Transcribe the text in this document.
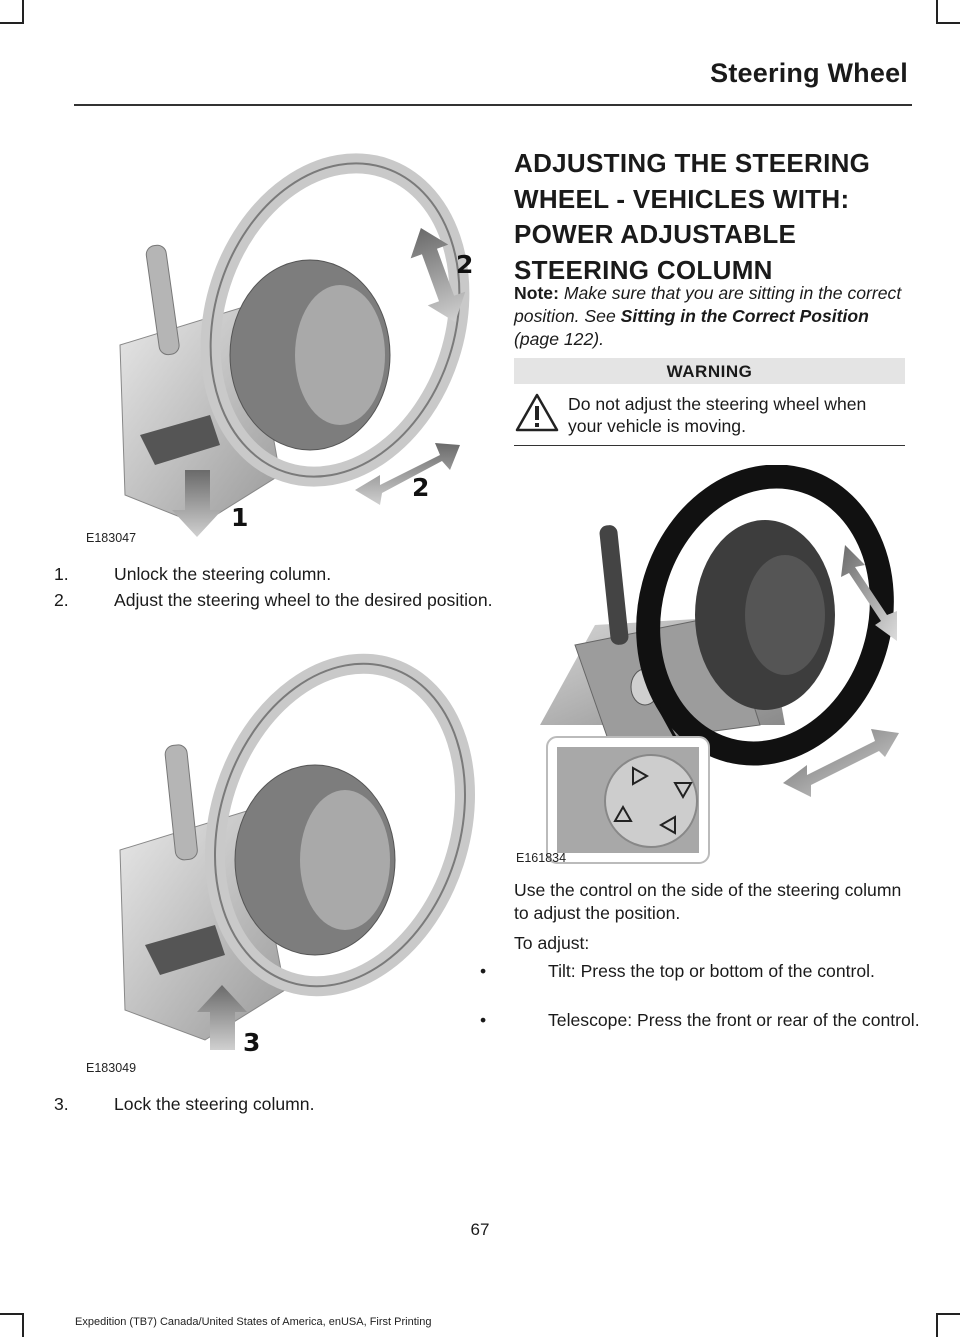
Steering Wheel
2
2
1
E183047
1.	Unlock the steering column.
2.	Adjust the steering wheel to the desired position.
3
E183049
3.	Lock the steering column.
ADJUSTING THE STEERING
WHEEL - VEHICLES WITH:
POWER ADJUSTABLE
STEERING COLUMN
Note: Make sure that you are sitting in the correct position. See Sitting in the Correct Position (page 122).
WARNING
Do not adjust the steering wheel when your vehicle is moving.
E161834
Use the control on the side of the steering column to adjust the position.
To adjust:
•	Tilt: Press the top or bottom of the control.
•	Telescope: Press the front or rear of the control.
67
Expedition (TB7) Canada/United States of America, enUSA, First Printing
